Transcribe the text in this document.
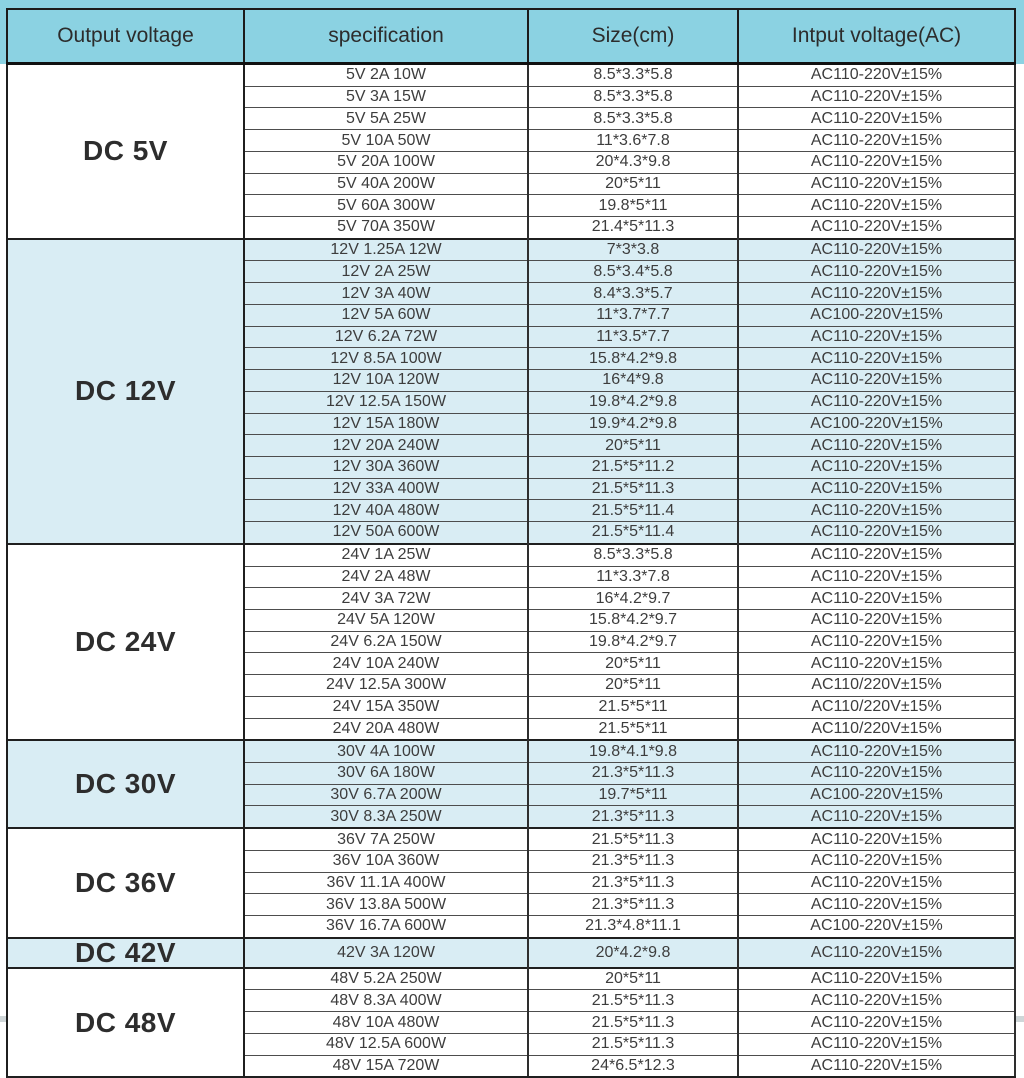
Output voltage	specification	Size(cm)	Intput voltage(AC)
DC 5V	5V 2A 10W	8.5*3.3*5.8	AC110-220V±15%
	5V 3A 15W	8.5*3.3*5.8	AC110-220V±15%
	5V 5A 25W	8.5*3.3*5.8	AC110-220V±15%
	5V 10A 50W	11*3.6*7.8	AC110-220V±15%
	5V 20A 100W	20*4.3*9.8	AC110-220V±15%
	5V 40A 200W	20*5*11	AC110-220V±15%
	5V 60A 300W	19.8*5*11	AC110-220V±15%
	5V 70A 350W	21.4*5*11.3	AC110-220V±15%
DC 12V	12V 1.25A 12W	7*3*3.8	AC110-220V±15%
	12V 2A 25W	8.5*3.4*5.8	AC110-220V±15%
	12V 3A 40W	8.4*3.3*5.7	AC110-220V±15%
	12V 5A 60W	11*3.7*7.7	AC100-220V±15%
	12V 6.2A 72W	11*3.5*7.7	AC110-220V±15%
	12V 8.5A 100W	15.8*4.2*9.8	AC110-220V±15%
	12V 10A 120W	16*4*9.8	AC110-220V±15%
	12V 12.5A 150W	19.8*4.2*9.8	AC110-220V±15%
	12V 15A 180W	19.9*4.2*9.8	AC100-220V±15%
	12V 20A 240W	20*5*11	AC110-220V±15%
	12V 30A 360W	21.5*5*11.2	AC110-220V±15%
	12V 33A 400W	21.5*5*11.3	AC110-220V±15%
	12V 40A 480W	21.5*5*11.4	AC110-220V±15%
	12V 50A 600W	21.5*5*11.4	AC110-220V±15%
DC 24V	24V 1A 25W	8.5*3.3*5.8	AC110-220V±15%
	24V 2A 48W	11*3.3*7.8	AC110-220V±15%
	24V 3A 72W	16*4.2*9.7	AC110-220V±15%
	24V 5A 120W	15.8*4.2*9.7	AC110-220V±15%
	24V 6.2A 150W	19.8*4.2*9.7	AC110-220V±15%
	24V 10A 240W	20*5*11	AC110-220V±15%
	24V 12.5A 300W	20*5*11	AC110/220V±15%
	24V 15A 350W	21.5*5*11	AC110/220V±15%
	24V 20A 480W	21.5*5*11	AC110/220V±15%
DC 30V	30V 4A 100W	19.8*4.1*9.8	AC110-220V±15%
	30V 6A 180W	21.3*5*11.3	AC110-220V±15%
	30V 6.7A 200W	19.7*5*11	AC100-220V±15%
	30V 8.3A 250W	21.3*5*11.3	AC110-220V±15%
DC 36V	36V 7A 250W	21.5*5*11.3	AC110-220V±15%
	36V 10A 360W	21.3*5*11.3	AC110-220V±15%
	36V 11.1A 400W	21.3*5*11.3	AC110-220V±15%
	36V 13.8A 500W	21.3*5*11.3	AC110-220V±15%
	36V 16.7A 600W	21.3*4.8*11.1	AC100-220V±15%
DC 42V	42V 3A 120W	20*4.2*9.8	AC110-220V±15%
DC 48V	48V 5.2A 250W	20*5*11	AC110-220V±15%
	48V 8.3A 400W	21.5*5*11.3	AC110-220V±15%
	48V 10A 480W	21.5*5*11.3	AC110-220V±15%
	48V 12.5A 600W	21.5*5*11.3	AC110-220V±15%
	48V 15A 720W	24*6.5*12.3	AC110-220V±15%
